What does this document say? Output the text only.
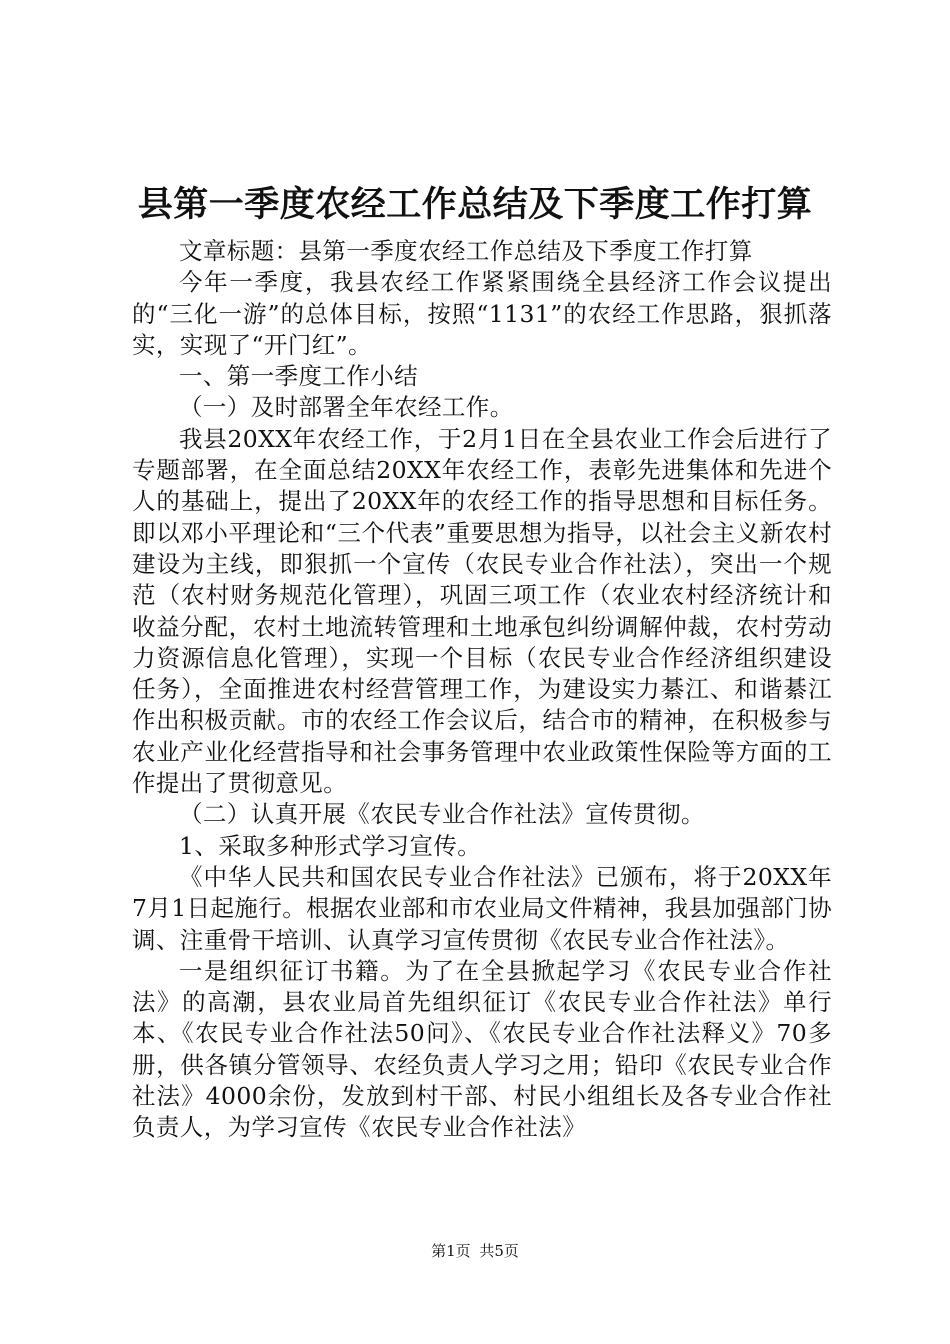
县第一季度农经工作总结及下季度工作打算

文章标题：县第一季度农经工作总结及下季度工作打算

今年一季度，我县农经工作紧紧围绕全县经济工作会议提出的“三化一游”的总体目标，按照“1131”的农经工作思路，狠抓落实，实现了“开门红”。

一、第一季度工作小结

（一）及时部署全年农经工作。

我县20XX年农经工作，于2月1日在全县农业工作会后进行了专题部署，在全面总结20XX年农经工作，表彰先进集体和先进个人的基础上，提出了20XX年的农经工作的指导思想和目标任务。即以邓小平理论和“三个代表”重要思想为指导，以社会主义新农村建设为主线，即狠抓一个宣传（农民专业合作社法），突出一个规范（农村财务规范化管理），巩固三项工作（农业农村经济统计和收益分配，农村土地流转管理和土地承包纠纷调解仲裁，农村劳动力资源信息化管理），实现一个目标（农民专业合作经济组织建设任务），全面推进农村经营管理工作，为建设实力綦江、和谐綦江作出积极贡献。市的农经工作会议后，结合市的精神，在积极参与农业产业化经营指导和社会事务管理中农业政策性保险等方面的工作提出了贯彻意见。

（二）认真开展《农民专业合作社法》宣传贯彻。

1、采取多种形式学习宣传。

《中华人民共和国农民专业合作社法》已颁布，将于20XX年7月1日起施行。根据农业部和市农业局文件精神，我县加强部门协调、注重骨干培训、认真学习宣传贯彻《农民专业合作社法》。

一是组织征订书籍。为了在全县掀起学习《农民专业合作社法》的高潮，县农业局首先组织征订《农民专业合作社法》单行本、《农民专业合作社法50问》、《农民专业合作社法释义》70多册，供各镇分管领导、农经负责人学习之用；铅印《农民专业合作社法》4000余份，发放到村干部、村民小组组长及各专业合作社负责人，为学习宣传《农民专业合作社法》

第1页 共5页
